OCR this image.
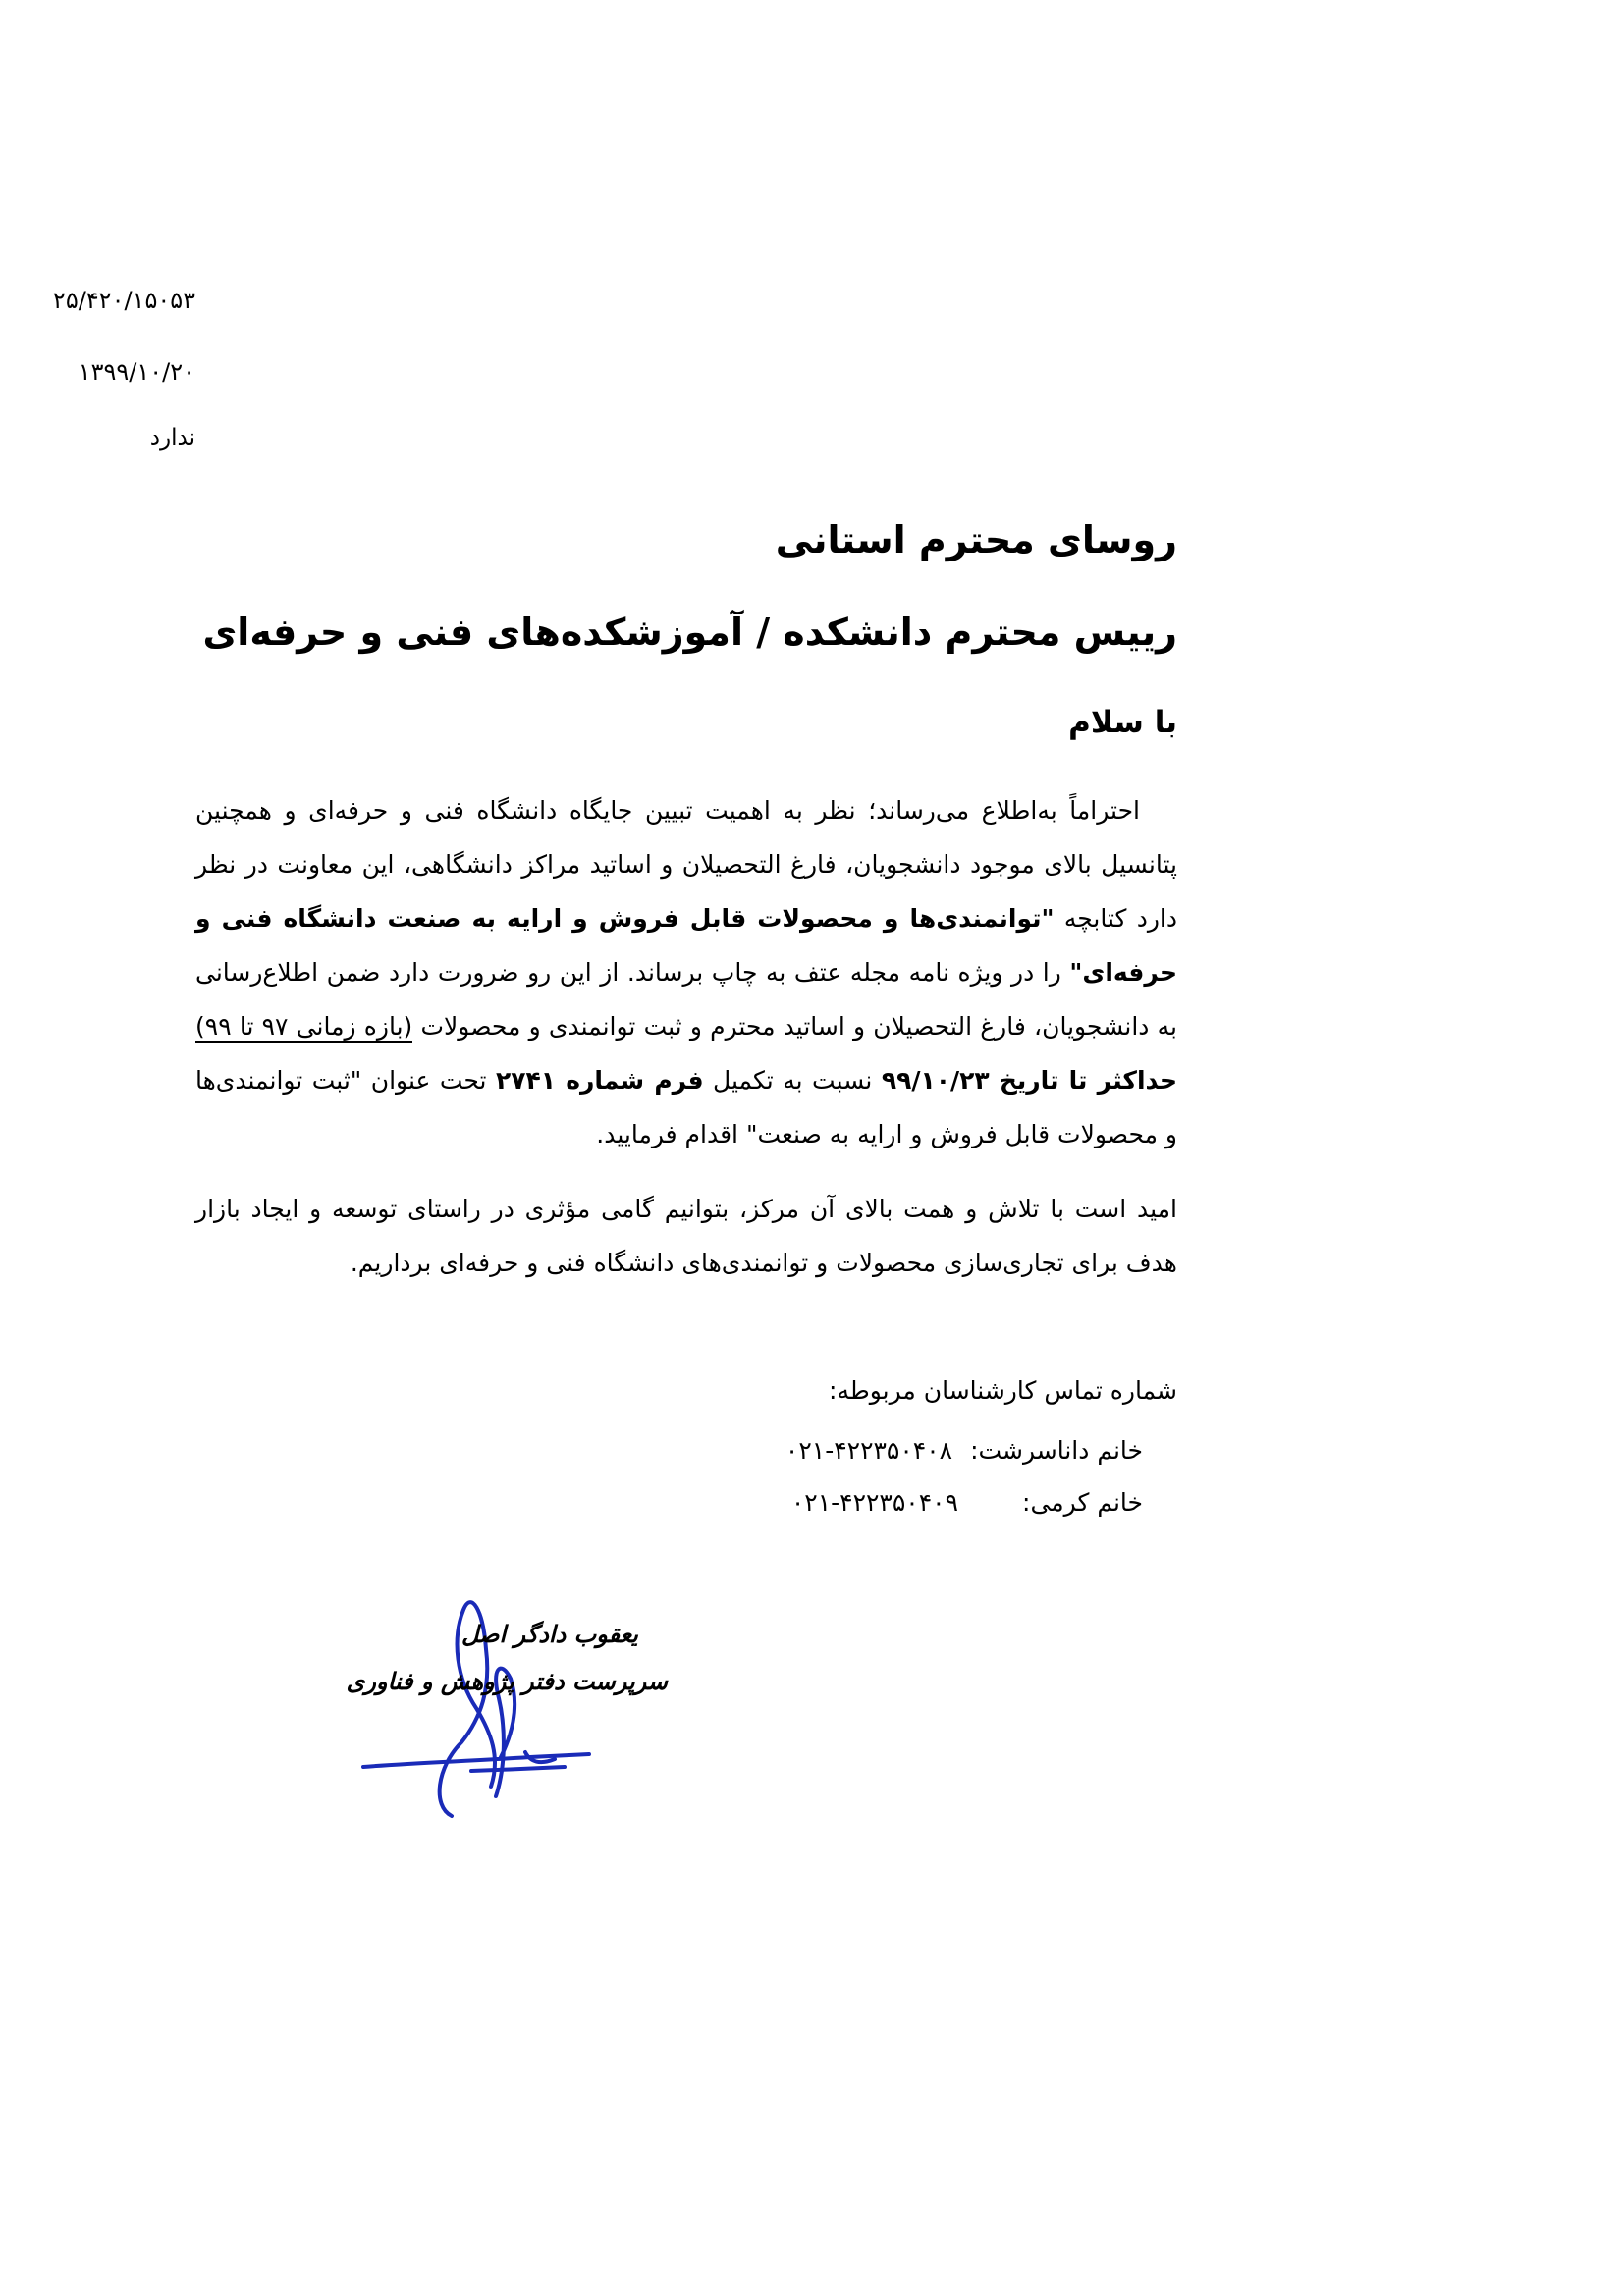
۲۵/۴۲۰/۱۵۰۵۳
۱۳۹۹/۱۰/۲۰
ندارد
روسای محترم استانی
رییس محترم دانشکده / آموزشکده‌های فنی و حرفه‌ای
با سلام
احتراماً به‌اطلاع می‌رساند؛ نظر به اهمیت تبیین جایگاه دانشگاه فنی و حرفه‌ای و همچنین پتانسیل بالای موجود دانشجویان، فارغ التحصیلان و اساتید مراکز دانشگاهی، این معاونت در نظر دارد کتابچه "توانمندی‌ها و محصولات قابل فروش و ارایه به صنعت دانشگاه فنی و حرفه‌ای" را در ویژه نامه مجله عتف به چاپ برساند. از این رو ضرورت دارد ضمن اطلاع‌رسانی به دانشجویان، فارغ التحصیلان و اساتید محترم و ثبت توانمندی و محصولات (بازه زمانی ۹۷ تا ۹۹) حداکثر تا تاریخ ۹۹/۱۰/۲۳ نسبت به تکمیل فرم شماره ۲۷۴۱ تحت عنوان "ثبت توانمندی‌ها و محصولات قابل فروش و ارایه به صنعت" اقدام فرمایید.
امید است با تلاش و همت بالای آن مرکز، بتوانیم گامی مؤثری در راستای توسعه و ایجاد بازار هدف برای تجاری‌سازی محصولات و توانمندی‌های دانشگاه فنی و حرفه‌ای برداریم.
شماره تماس کارشناسان مربوطه:
خانم داناسرشت:۰۲۱-۴۲۲۳۵۰۴۰۸
خانم کرمی:۰۲۱-۴۲۲۳۵۰۴۰۹
یعقوب دادگر اصل
سرپرست دفتر پژوهش و فناوری
